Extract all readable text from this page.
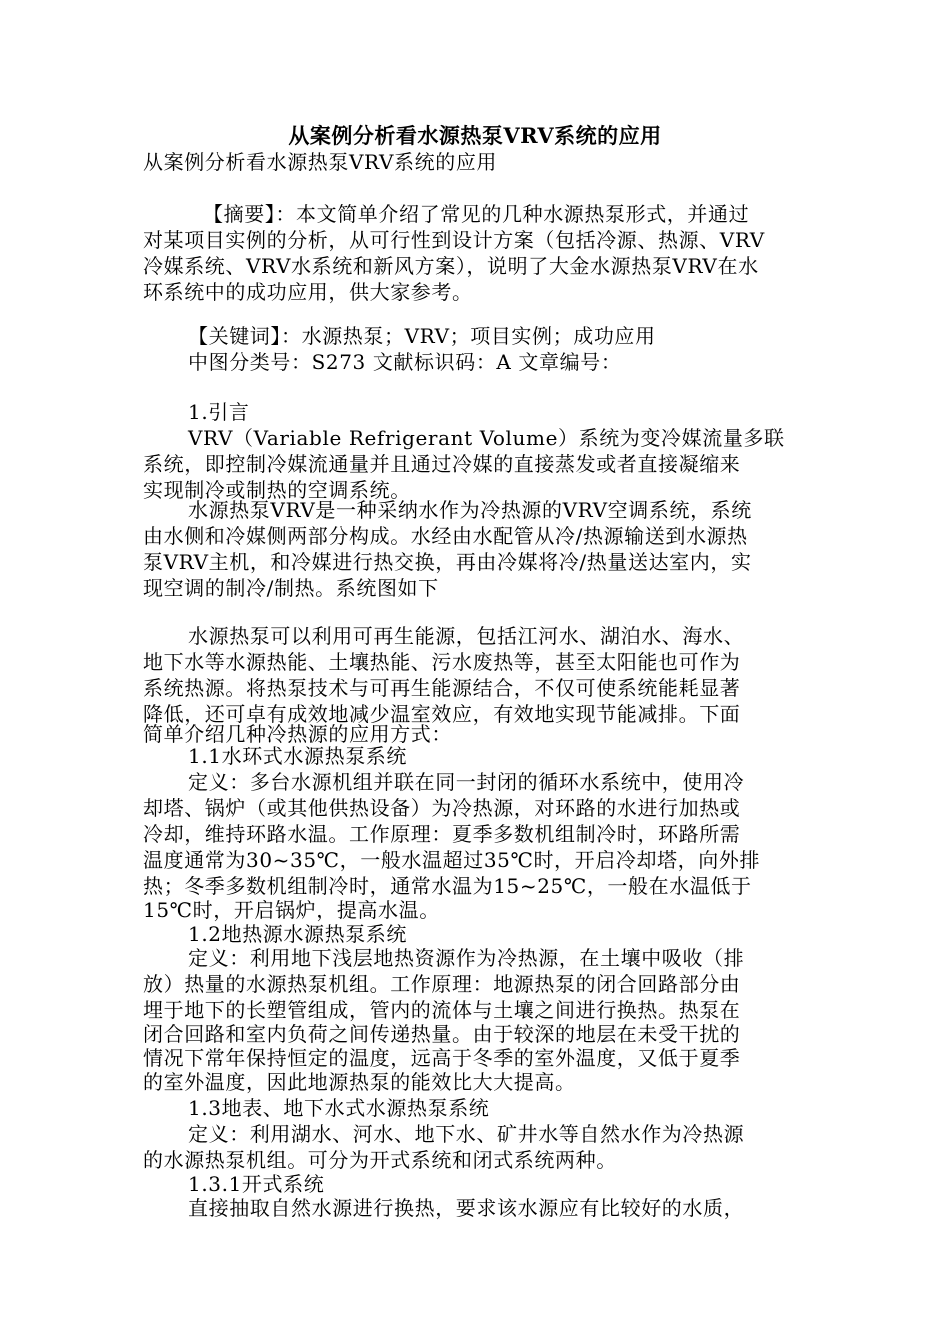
从案例分析看水源热泵VRV系统的应用
从案例分析看水源热泵VRV系统的应用
【摘要】：本文简单介绍了常见的几种水源热泵形式，并通过
对某项目实例的分析，从可行性到设计方案（包括冷源、热源、VRV
冷媒系统、VRV水系统和新风方案），说明了大金水源热泵VRV在水
环系统中的成功应用，供大家参考。
【关键词】：水源热泵；VRV；项目实例；成功应用
中图分类号：S273 文献标识码：A 文章编号：
1.引言
VRV（Variable Refrigerant Volume）系统为变冷媒流量多联
系统，即控制冷媒流通量并且通过冷媒的直接蒸发或者直接凝缩来
实现制冷或制热的空调系统。
水源热泵VRV是一种采纳水作为冷热源的VRV空调系统，系统
由水侧和冷媒侧两部分构成。水经由水配管从冷/热源输送到水源热
泵VRV主机，和冷媒进行热交换，再由冷媒将冷/热量送达室内，实
现空调的制冷/制热。系统图如下
水源热泵可以利用可再生能源，包括江河水、湖泊水、海水、
地下水等水源热能、土壤热能、污水废热等，甚至太阳能也可作为
系统热源。将热泵技术与可再生能源结合，不仅可使系统能耗显著
降低，还可卓有成效地减少温室效应，有效地实现节能减排。下面
简单介绍几种冷热源的应用方式：
1.1水环式水源热泵系统
定义：多台水源机组并联在同一封闭的循环水系统中，使用冷
却塔、锅炉（或其他供热设备）为冷热源，对环路的水进行加热或
冷却，维持环路水温。工作原理：夏季多数机组制冷时，环路所需
温度通常为30~35℃，一般水温超过35℃时，开启冷却塔，向外排
热；冬季多数机组制冷时，通常水温为15~25℃，一般在水温低于
15℃时，开启锅炉，提高水温。
1.2地热源水源热泵系统
定义：利用地下浅层地热资源作为冷热源，在土壤中吸收（排
放）热量的水源热泵机组。工作原理：地源热泵的闭合回路部分由
埋于地下的长塑管组成，管内的流体与土壤之间进行换热。热泵在
闭合回路和室内负荷之间传递热量。由于较深的地层在未受干扰的
情况下常年保持恒定的温度，远高于冬季的室外温度，又低于夏季
的室外温度，因此地源热泵的能效比大大提高。
1.3地表、地下水式水源热泵系统
定义：利用湖水、河水、地下水、矿井水等自然水作为冷热源
的水源热泵机组。可分为开式系统和闭式系统两种。
1.3.1开式系统
直接抽取自然水源进行换热，要求该水源应有比较好的水质，
